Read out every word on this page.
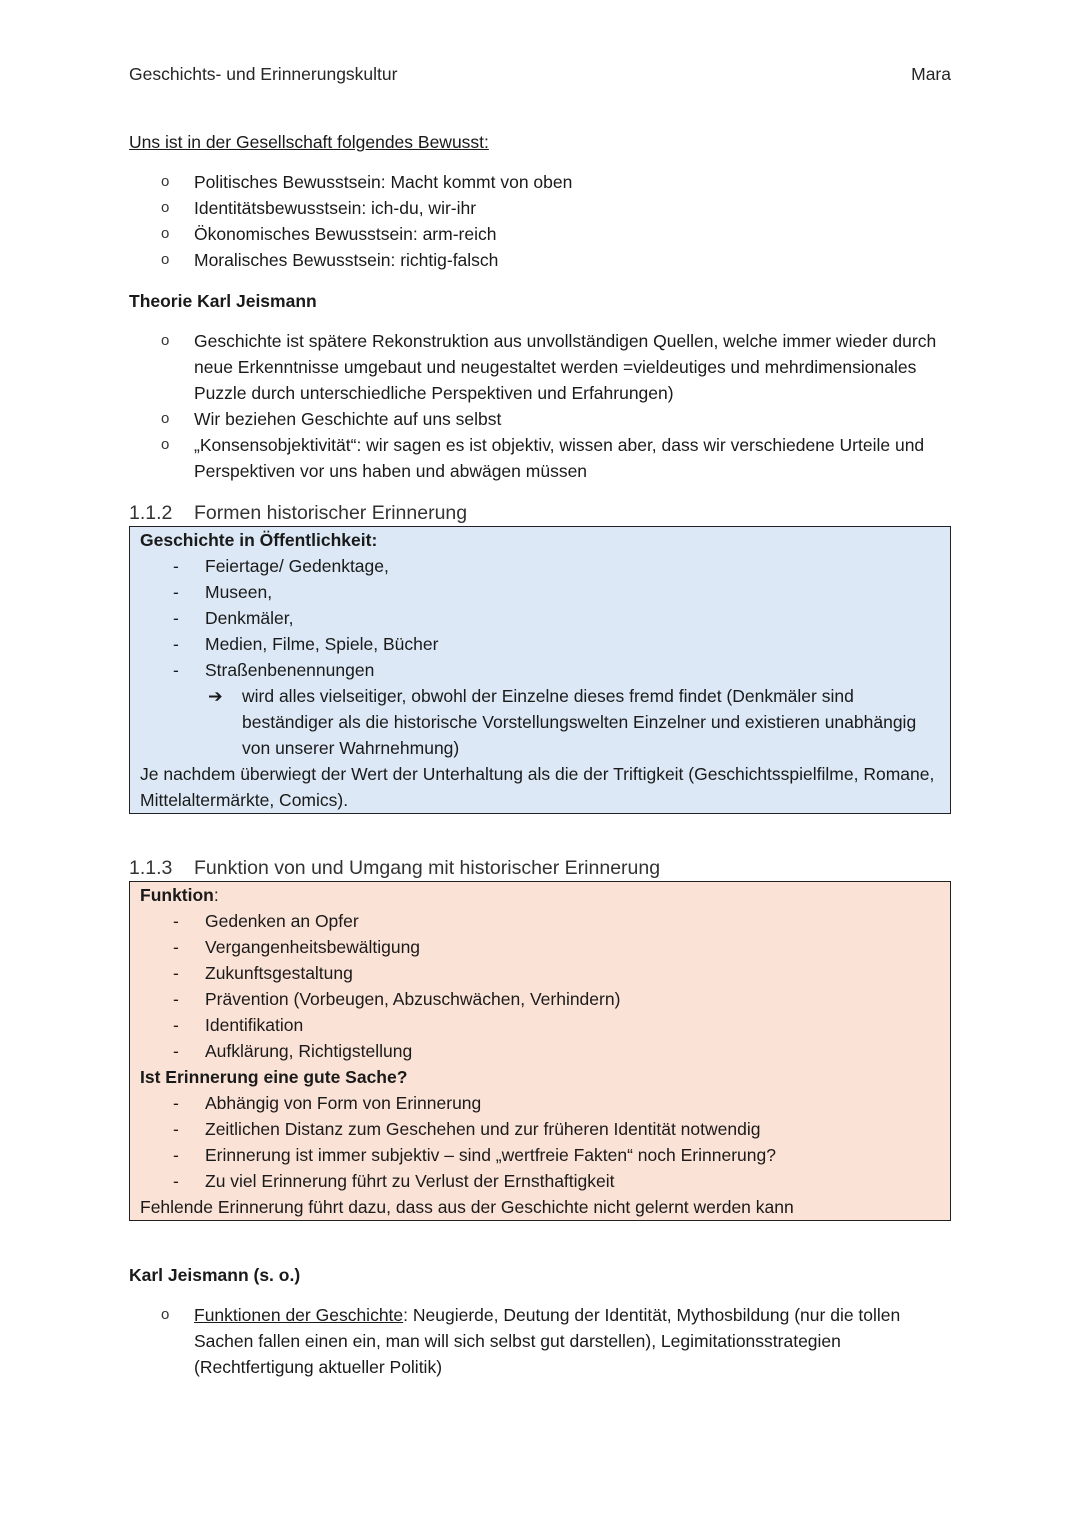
Geschichts- und Erinnerungskultur	Mara
Uns ist in der Gesellschaft folgendes Bewusst:
o Politisches Bewusstsein: Macht kommt von oben
o Identitätsbewusstsein: ich-du, wir-ihr
o Ökonomisches Bewusstsein: arm-reich
o Moralisches Bewusstsein: richtig-falsch
Theorie Karl Jeismann
o Geschichte ist spätere Rekonstruktion aus unvollständigen Quellen, welche immer wieder durch neue Erkenntnisse umgebaut und neugestaltet werden =vieldeutiges und mehrdimensionales Puzzle durch unterschiedliche Perspektiven und Erfahrungen)
o Wir beziehen Geschichte auf uns selbst
o „Konsensobjektivität“: wir sagen es ist objektiv, wissen aber, dass wir verschiedene Urteile und Perspektiven vor uns haben und abwägen müssen
1.1.2 Formen historischer Erinnerung
Geschichte in Öffentlichkeit:
- Feiertage/ Gedenktage,
- Museen,
- Denkmäler,
- Medien, Filme, Spiele, Bücher
- Straßenbenennungen
➔ wird alles vielseitiger, obwohl der Einzelne dieses fremd findet (Denkmäler sind beständiger als die historische Vorstellungswelten Einzelner und existieren unabhängig von unserer Wahrnehmung)
Je nachdem überwiegt der Wert der Unterhaltung als die der Triftigkeit (Geschichtsspielfilme, Romane, Mittelaltermärkte, Comics).
1.1.3 Funktion von und Umgang mit historischer Erinnerung
Funktion:
- Gedenken an Opfer
- Vergangenheitsbewältigung
- Zukunftsgestaltung
- Prävention (Vorbeugen, Abzuschwächen, Verhindern)
- Identifikation
- Aufklärung, Richtigstellung
Ist Erinnerung eine gute Sache?
- Abhängig von Form von Erinnerung
- Zeitlichen Distanz zum Geschehen und zur früheren Identität notwendig
- Erinnerung ist immer subjektiv – sind „wertfreie Fakten“ noch Erinnerung?
- Zu viel Erinnerung führt zu Verlust der Ernsthaftigkeit
Fehlende Erinnerung führt dazu, dass aus der Geschichte nicht gelernt werden kann
Karl Jeismann (s. o.)
o Funktionen der Geschichte: Neugierde, Deutung der Identität, Mythosbildung (nur die tollen Sachen fallen einen ein, man will sich selbst gut darstellen), Legimitationsstrategien (Rechtfertigung aktueller Politik)
